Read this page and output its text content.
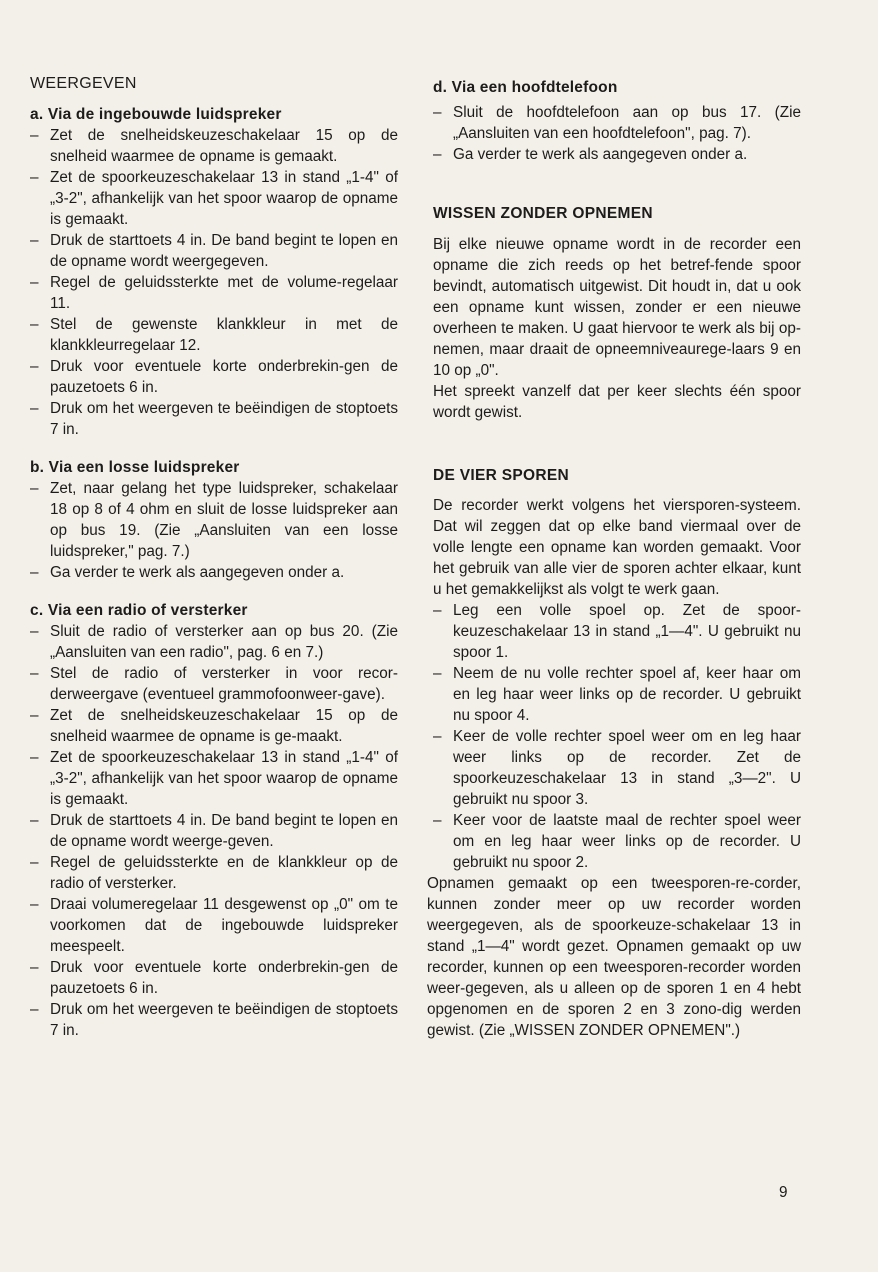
WEERGEVEN
a. Via de ingebouwde luidspreker
– Zet de snelheidskeuzeschakelaar 15 op de snelheid waarmee de opname is gemaakt.
– Zet de spoorkeuzeschakelaar 13 in stand „1-4" of „3-2", afhankelijk van het spoor waarop de opname is gemaakt.
– Druk de starttoets 4 in. De band begint te lopen en de opname wordt weergegeven.
– Regel de geluidssterkte met de volume-regelaar 11.
– Stel de gewenste klankkleur in met de klankkleurregelaar 12.
– Druk voor eventuele korte onderbrekin-gen de pauzetoets 6 in.
– Druk om het weergeven te beëindigen de stoptoets 7 in.
b. Via een losse luidspreker
– Zet, naar gelang het type luidspreker, schakelaar 18 op 8 of 4 ohm en sluit de losse luidspreker aan op bus 19. (Zie „Aansluiten van een losse luidspreker," pag. 7.)
– Ga verder te werk als aangegeven onder a.
c. Via een radio of versterker
– Sluit de radio of versterker aan op bus 20. (Zie „Aansluiten van een radio", pag. 6 en 7.)
– Stel de radio of versterker in voor recor-derweergave (eventueel grammofoonweer-gave).
– Zet de snelheidskeuzeschakelaar 15 op de snelheid waarmee de opname is ge-maakt.
– Zet de spoorkeuzeschakelaar 13 in stand „1-4" of „3-2", afhankelijk van het spoor waarop de opname is gemaakt.
– Druk de starttoets 4 in. De band begint te lopen en de opname wordt weerge-geven.
– Regel de geluidssterkte en de klankkleur op de radio of versterker.
– Draai volumeregelaar 11 desgewenst op „0" om te voorkomen dat de ingebouwde luidspreker meespeelt.
– Druk voor eventuele korte onderbrekin-gen de pauzetoets 6 in.
– Druk om het weergeven te beëindigen de stoptoets 7 in.
d. Via een hoofdtelefoon
– Sluit de hoofdtelefoon aan op bus 17. (Zie „Aansluiten van een hoofdtelefoon", pag. 7).
– Ga verder te werk als aangegeven onder a.
WISSEN ZONDER OPNEMEN

Bij elke nieuwe opname wordt in de recorder een opname die zich reeds op het betref-fende spoor bevindt, automatisch uitgewist. Dit houdt in, dat u ook een opname kunt wissen, zonder er een nieuwe overheen te maken. U gaat hiervoor te werk als bij op-nemen, maar draait de opneemniveaurege-laars 9 en 10 op „0".

Het spreekt vanzelf dat per keer slechts één spoor wordt gewist.

DE VIER SPOREN

De recorder werkt volgens het viersporen-systeem. Dat wil zeggen dat op elke band viermaal over de volle lengte een opname kan worden gemaakt. Voor het gebruik van alle vier de sporen achter elkaar, kunt u het gemakkelijkst als volgt te werk gaan.

– Leg een volle spoel op. Zet de spoor-keuzeschakelaar 13 in stand „1—4". U gebruikt nu spoor 1.
– Neem de nu volle rechter spoel af, keer haar om en leg haar weer links op de recorder. U gebruikt nu spoor 4.
– Keer de volle rechter spoel weer om en leg haar weer links op de recorder. Zet de spoorkeuzeschakelaar 13 in stand „3—2". U gebruikt nu spoor 3.
– Keer voor de laatste maal de rechter spoel weer om en leg haar weer links op de recorder. U gebruikt nu spoor 2.

Opnamen gemaakt op een tweesporen-re-corder, kunnen zonder meer op uw recorder worden weergegeven, als de spoorkeuze-schakelaar 13 in stand „1—4" wordt gezet. Opnamen gemaakt op uw recorder, kunnen op een tweesporen-recorder worden weer-gegeven, als u alleen op de sporen 1 en 4 hebt opgenomen en de sporen 2 en 3 zono-dig werden gewist. (Zie „WISSEN ZONDER OPNEMEN".)

9
